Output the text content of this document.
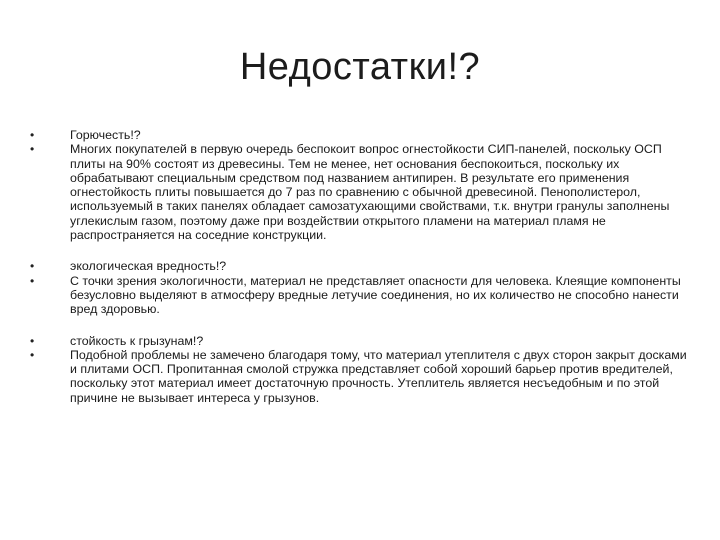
Недостатки!?
•	Горючесть!?
•	Многих покупателей в первую очередь беспокоит вопрос огнестойкости СИП-панелей, поскольку ОСП плиты на 90% состоят из древесины. Тем не менее, нет основания беспокоиться, поскольку их обрабатывают специальным средством под названием антипирен. В результате его применения огнестойкость плиты повышается до 7 раз по сравнению с обычной древесиной. Пенополистерол, используемый в таких панелях обладает самозатухающими свойствами, т.к. внутри гранулы заполнены углекислым газом, поэтому даже при воздействии открытого пламени на материал пламя не распространяется на соседние конструкции.
•	экологическая вредность!?
•	С точки зрения экологичности, материал не представляет опасности для человека. Клеящие компоненты безусловно выделяют в атмосферу вредные летучие соединения, но их количество не способно нанести вред здоровью.
•	стойкость к грызунам!?
•	Подобной проблемы не замечено благодаря тому, что материал утеплителя с двух сторон закрыт досками и плитами ОСП. Пропитанная смолой стружка представляет собой хороший барьер против вредителей, поскольку этот материал имеет достаточную прочность. Утеплитель является несъедобным и по этой причине не вызывает интереса у грызунов.
